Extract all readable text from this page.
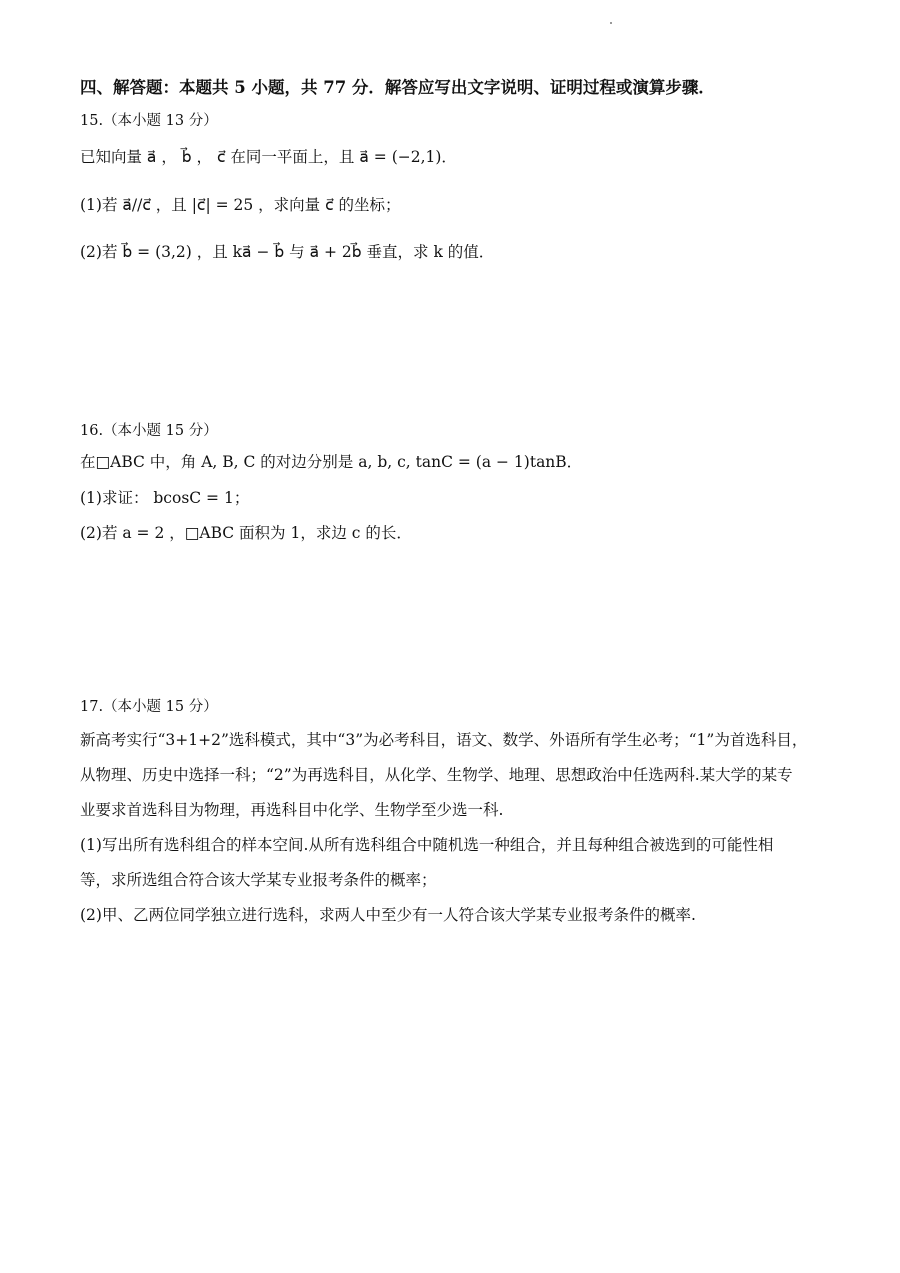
四、解答题：本题共 5 小题，共 77 分．解答应写出文字说明、证明过程或演算步骤．
15.（本小题 13 分）
已知向量 a⃗ ， b⃗ ， c⃗ 在同一平面上，且 a⃗ = (−2,1)．
(1)若 a⃗//c⃗ ，且 |c⃗| = 25 ，求向量 c⃗ 的坐标；
(2)若 b⃗ = (3,2) ，且 ka⃗ − b⃗ 与 a⃗ + 2b⃗ 垂直，求 k 的值．
16.（本小题 15 分）
在□ABC 中，角 A, B, C 的对边分别是 a, b, c, tanC = (a − 1)tanB．
(1)求证： bcosC = 1；
(2)若 a = 2 ，□ABC 面积为 1，求边 c 的长．
17.（本小题 15 分）
新高考实行“3+1+2”选科模式，其中“3”为必考科目，语文、数学、外语所有学生必考；“1”为首选科目，
从物理、历史中选择一科；“2”为再选科目，从化学、生物学、地理、思想政治中任选两科.某大学的某专
业要求首选科目为物理，再选科目中化学、生物学至少选一科.
(1)写出所有选科组合的样本空间.从所有选科组合中随机选一种组合，并且每种组合被选到的可能性相
等，求所选组合符合该大学某专业报考条件的概率；
(2)甲、乙两位同学独立进行选科，求两人中至少有一人符合该大学某专业报考条件的概率.
